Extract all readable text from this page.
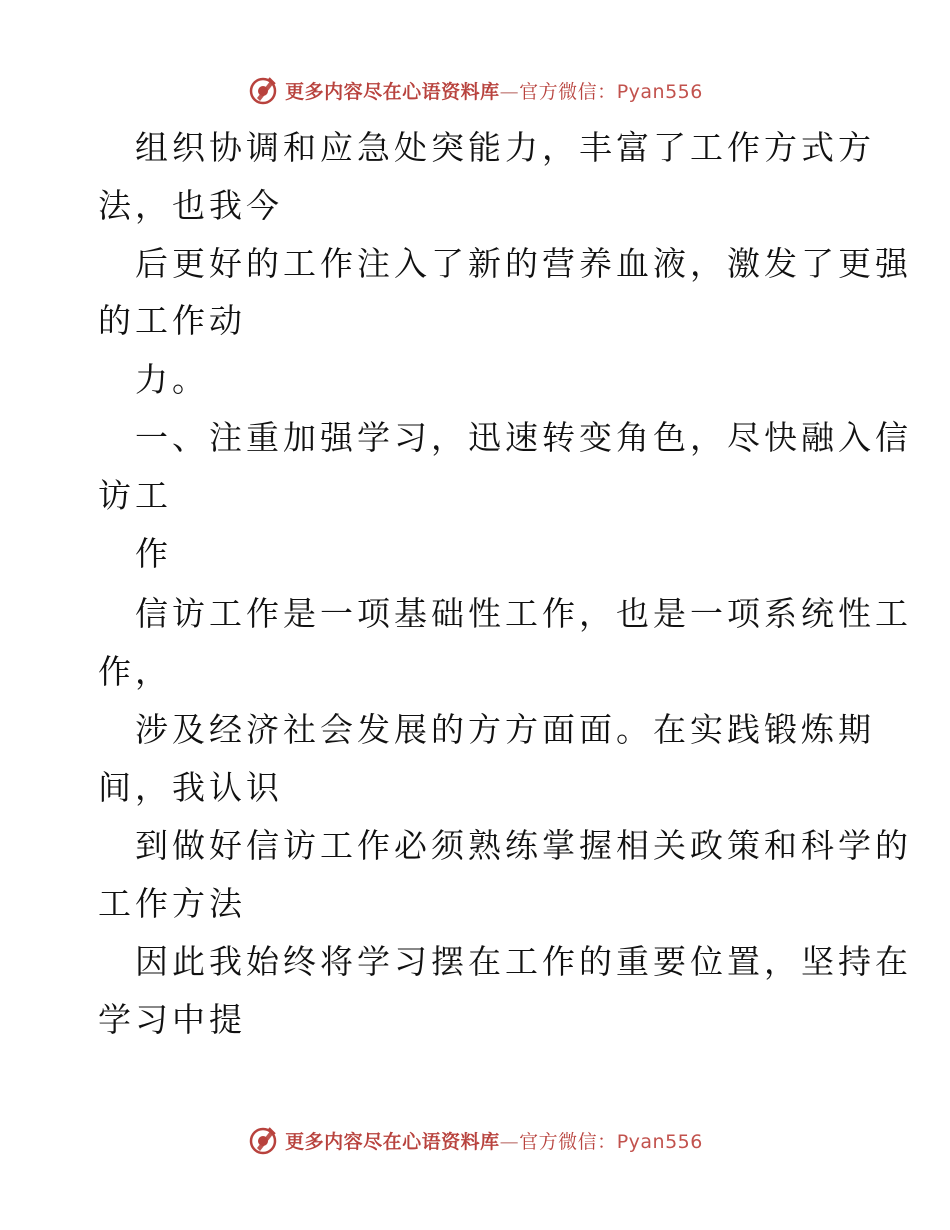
更多内容尽在心语资料库—官方微信：Pyan556
组织协调和应急处突能力，丰富了工作方式方
法，也我今
后更好的工作注入了新的营养血液，激发了更强
的工作动
力。
一、注重加强学习，迅速转变角色，尽快融入信
访工
作
信访工作是一项基础性工作，也是一项系统性工
作，
涉及经济社会发展的方方面面。在实践锻炼期
间，我认识
到做好信访工作必须熟练掌握相关政策和科学的
工作方法
因此我始终将学习摆在工作的重要位置，坚持在
学习中提
更多内容尽在心语资料库—官方微信：Pyan556
